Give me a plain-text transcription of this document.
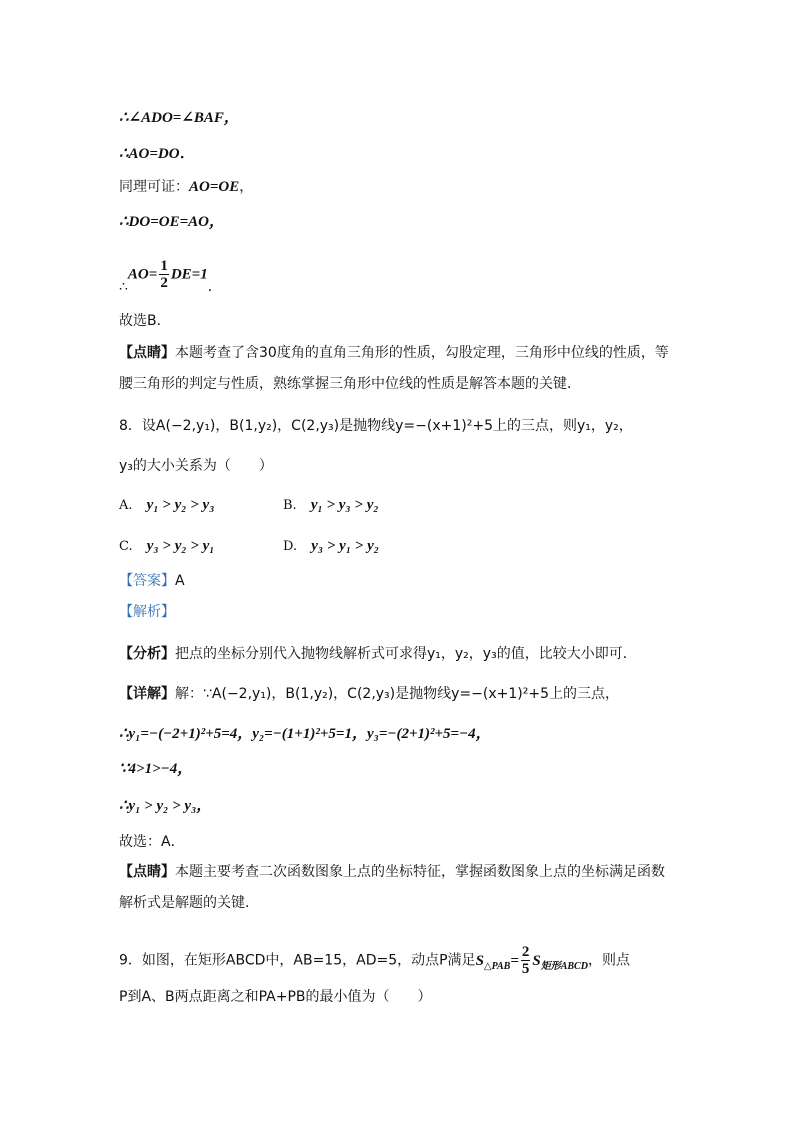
∴∠ADO=∠BAF，
∴AO=DO．
同理可证：AO=OE，
∴DO=OE=AO，
∴AO= $\frac{1}{2} DE=1$．
故选B．
【点睛】本题考查了含30度角的直角三角形的性质，勾股定理，三角形中位线的性质，等
腰三角形的判定与性质，熟练掌握三角形中位线的性质是解答本题的关键．
8．设A(−2,y₁)，B(1,y₂)，C(2,y₃)是抛物线y=−(x+1)²+5上的三点，则y₁，y₂，
y₃的大小关系为（　　）
A. y₁ > y₂ > y₃	B. y₁ > y₃ > y₂
C. y₃ > y₂ > y₁	D. y₃ > y₁ > y₂
【答案】A
【解析】
【分析】把点的坐标分别代入抛物线解析式可求得y₁，y₂，y₃的值，比较大小即可．
【详解】解：∵A(−2,y₁)，B(1,y₂)，C(2,y₃)是抛物线y=−(x+1)²+5上的三点，
∴y₁=−(−2+1)²+5=4，y₂=−(1+1)²+5=1，y₃=−(2+1)²+5=−4，
∵4>1>−4，
∴y₁ > y₂ > y₃，
故选：A．
【点睛】本题主要考查二次函数图象上点的坐标特征，掌握函数图象上点的坐标满足函数
解析式是解题的关键．
9．如图，在矩形ABCD中，AB=15，AD=5，动点P满足$S_{\triangle PAB}= \frac{2}{5} S_{矩形ABCD}$，则点
P到A、B两点距离之和PA+PB的最小值为（　　）
